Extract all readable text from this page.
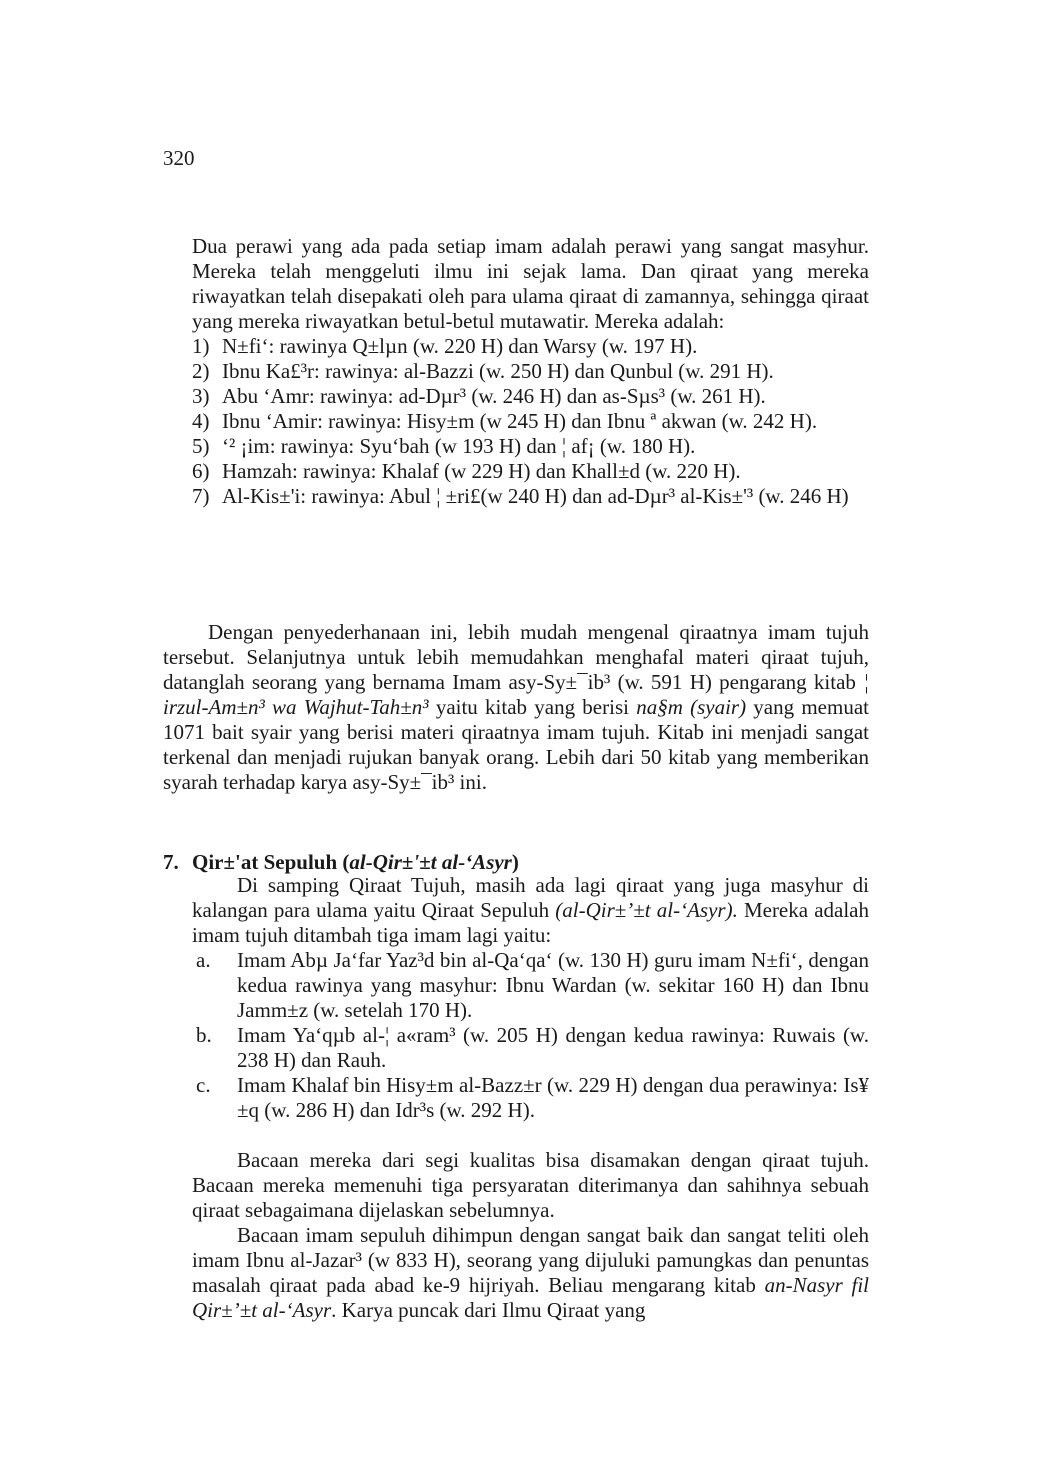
320

Dua perawi yang ada pada setiap imam adalah perawi yang sangat masyhur. Mereka telah menggeluti ilmu ini sejak lama. Dan qiraat yang mereka riwayatkan telah disepakati oleh para ulama qiraat di zamannya, sehingga qiraat yang mereka riwayatkan betul-betul mutawatir. Mereka adalah:

1) N±fi‘: rawinya Q±lµn (w. 220 H) dan Warsy (w. 197 H).
2) Ibnu Ka£³r: rawinya: al-Bazzi (w. 250 H) dan Qunbul (w. 291 H).
3) Abu ‘Amr: rawinya: ad-Dµr³ (w. 246 H) dan as-Sµs³ (w. 261 H).
4) Ibnu ‘Amir: rawinya: Hisy±m (w 245 H) dan Ibnu ª akwan (w. 242 H).
5) ‘² ¡im: rawinya: Syu‘bah (w 193 H) dan ¦ af¡ (w. 180 H).
6) Hamzah: rawinya: Khalaf (w 229 H) dan Khall±d (w. 220 H).
7) Al-Kis±'i: rawinya: Abul ¦ ±ri£(w 240 H) dan ad-Dµr³ al-Kis±'³ (w. 246 H)

Dengan penyederhanaan ini, lebih mudah mengenal qiraatnya imam tujuh tersebut. Selanjutnya untuk lebih memudahkan menghafal materi qiraat tujuh, datanglah seorang yang bernama Imam asy-Sy±¯ib³ (w. 591 H) pengarang kitab ¦ irzul-Am±n³ wa Wajhut-Tah±n³ yaitu kitab yang berisi na§m (syair) yang memuat 1071 bait syair yang berisi materi qiraatnya imam tujuh. Kitab ini menjadi sangat terkenal dan menjadi rujukan banyak orang. Lebih dari 50 kitab yang memberikan syarah terhadap karya asy-Sy±¯ib³ ini.

7. Qir±'at Sepuluh (al-Qir±'±t al-‘Asyr)

Di samping Qiraat Tujuh, masih ada lagi qiraat yang juga masyhur di kalangan para ulama yaitu Qiraat Sepuluh (al-Qir±’±t al-‘Asyr). Mereka adalah imam tujuh ditambah tiga imam lagi yaitu:

a.	Imam Abµ Ja‘far Yaz³d bin al-Qa‘qa‘ (w. 130 H) guru imam N±fi‘, dengan kedua rawinya yang masyhur: Ibnu Wardan (w. sekitar 160 H) dan Ibnu Jamm±z (w. setelah 170 H).
b.	Imam Ya‘qµb al-¦ a«ram³ (w. 205 H) dengan kedua rawinya: Ruwais (w. 238 H) dan Rauh.
c.	Imam Khalaf bin Hisy±m al-Bazz±r (w. 229 H) dengan dua perawinya: Is¥±q (w. 286 H) dan Idr³s (w. 292 H).

Bacaan mereka dari segi kualitas bisa disamakan dengan qiraat tujuh. Bacaan mereka memenuhi tiga persyaratan diterimanya dan sahihnya sebuah qiraat sebagaimana dijelaskan sebelumnya.

Bacaan imam sepuluh dihimpun dengan sangat baik dan sangat teliti oleh imam Ibnu al-Jazar³ (w 833 H), seorang yang dijuluki pamungkas dan penuntas masalah qiraat pada abad ke-9 hijriyah. Beliau mengarang kitab an-Nasyr fil Qir±’±t al-‘Asyr. Karya puncak dari Ilmu Qiraat yang
